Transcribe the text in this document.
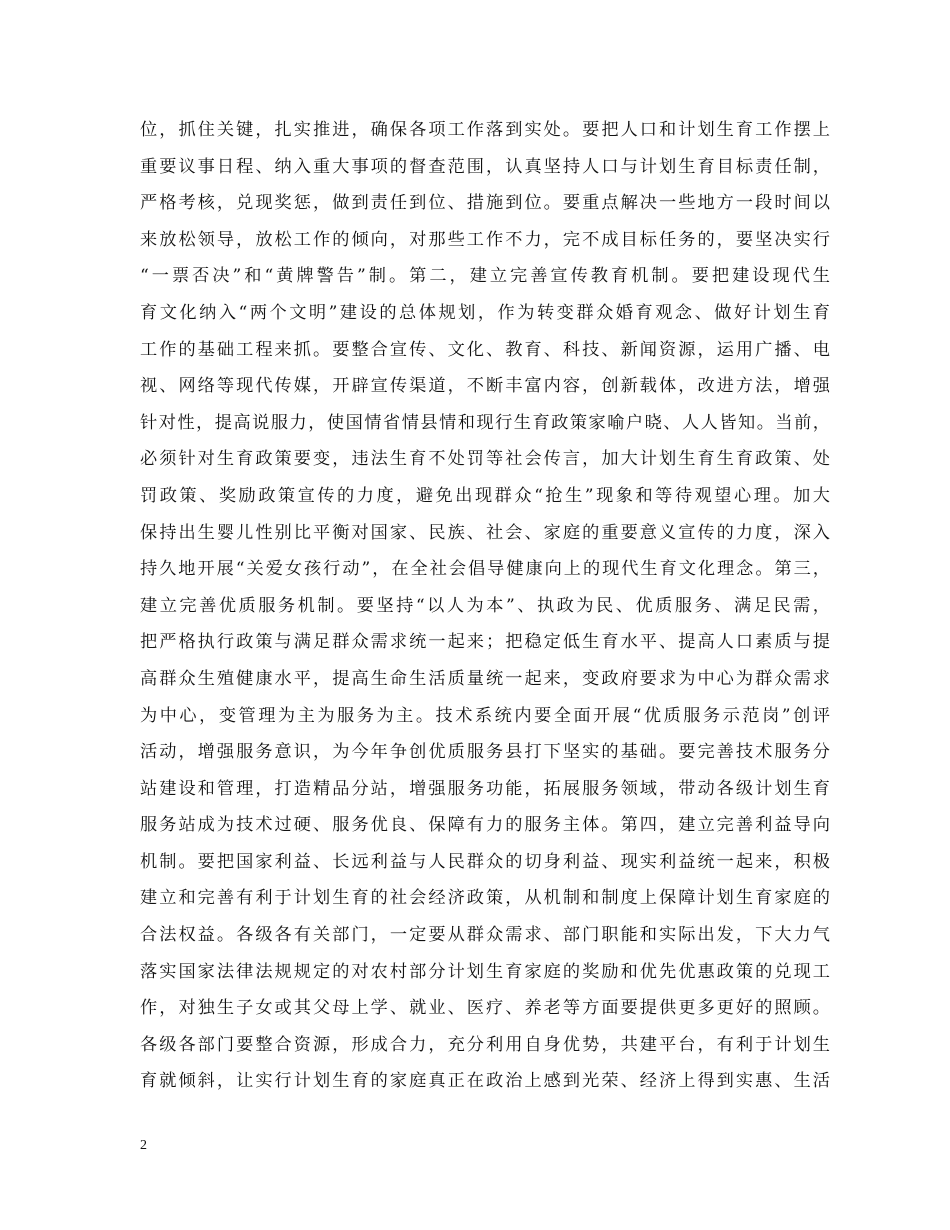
位，抓住关键，扎实推进，确保各项工作落到实处。要把人口和计划生育工作摆上
重要议事日程、纳入重大事项的督查范围，认真坚持人口与计划生育目标责任制，
严格考核，兑现奖惩，做到责任到位、措施到位。要重点解决一些地方一段时间以
来放松领导，放松工作的倾向，对那些工作不力，完不成目标任务的，要坚决实行
“一票否决”和“黄牌警告”制。第二，建立完善宣传教育机制。要把建设现代生
育文化纳入“两个文明”建设的总体规划，作为转变群众婚育观念、做好计划生育
工作的基础工程来抓。要整合宣传、文化、教育、科技、新闻资源，运用广播、电
视、网络等现代传媒，开辟宣传渠道，不断丰富内容，创新载体，改进方法，增强
针对性，提高说服力，使国情省情县情和现行生育政策家喻户晓、人人皆知。当前，
必须针对生育政策要变，违法生育不处罚等社会传言，加大计划生育生育政策、处
罚政策、奖励政策宣传的力度，避免出现群众“抢生”现象和等待观望心理。加大
保持出生婴儿性别比平衡对国家、民族、社会、家庭的重要意义宣传的力度，深入
持久地开展“关爱女孩行动”，在全社会倡导健康向上的现代生育文化理念。第三，
建立完善优质服务机制。要坚持“以人为本”、执政为民、优质服务、满足民需，
把严格执行政策与满足群众需求统一起来；把稳定低生育水平、提高人口素质与提
高群众生殖健康水平，提高生命生活质量统一起来，变政府要求为中心为群众需求
为中心，变管理为主为服务为主。技术系统内要全面开展“优质服务示范岗”创评
活动，增强服务意识，为今年争创优质服务县打下坚实的基础。要完善技术服务分
站建设和管理，打造精品分站，增强服务功能，拓展服务领域，带动各级计划生育
服务站成为技术过硬、服务优良、保障有力的服务主体。第四，建立完善利益导向
机制。要把国家利益、长远利益与人民群众的切身利益、现实利益统一起来，积极
建立和完善有利于计划生育的社会经济政策，从机制和制度上保障计划生育家庭的
合法权益。各级各有关部门，一定要从群众需求、部门职能和实际出发，下大力气
落实国家法律法规规定的对农村部分计划生育家庭的奖励和优先优惠政策的兑现工
作，对独生子女或其父母上学、就业、医疗、养老等方面要提供更多更好的照顾。
各级各部门要整合资源，形成合力，充分利用自身优势，共建平台，有利于计划生
育就倾斜，让实行计划生育的家庭真正在政治上感到光荣、经济上得到实惠、生活
2
